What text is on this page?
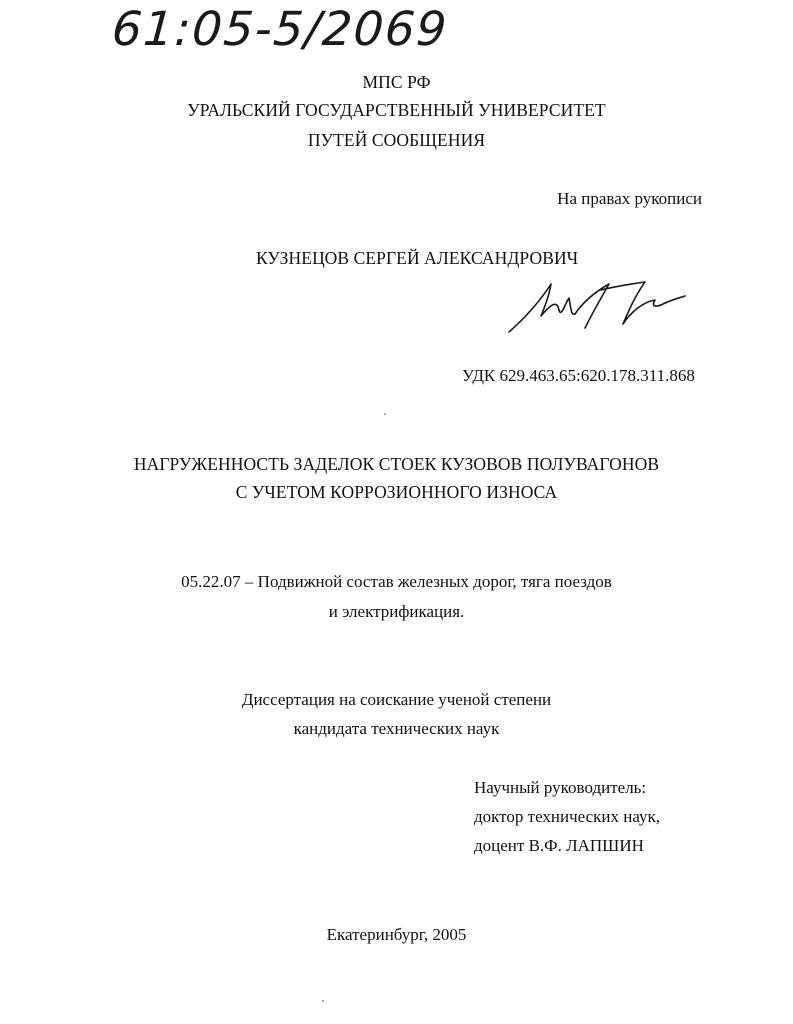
61:05-5/2069
МПС РФ
УРАЛЬСКИЙ ГОСУДАРСТВЕННЫЙ УНИВЕРСИТЕТ
ПУТЕЙ СООБЩЕНИЯ
На правах рукописи
КУЗНЕЦОВ СЕРГЕЙ АЛЕКСАНДРОВИЧ
УДК 629.463.65:620.178.311.868
НАГРУЖЕННОСТЬ ЗАДЕЛОК СТОЕК КУЗОВОВ ПОЛУВАГОНОВ
С УЧЕТОМ КОРРОЗИОННОГО ИЗНОСА
05.22.07 – Подвижной состав железных дорог, тяга поездов
и электрификация.
Диссертация на соискание ученой степени
кандидата технических наук
Научный руководитель:
доктор технических наук,
доцент В.Ф. ЛАПШИН
Екатеринбург, 2005
